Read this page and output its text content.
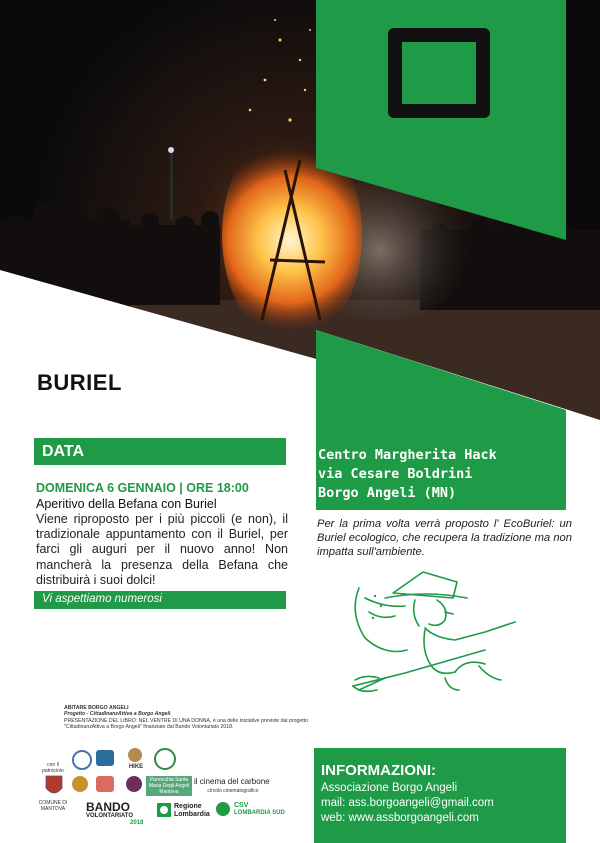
BURIEL
DATA
DOMENICA 6 GENNAIO | ORE 18:00
Aperitivo della Befana con Buriel
Viene riproposto per i più piccoli (e non), il tradizionale appuntamento con il Buriel, per farci gli auguri per il nuovo anno! Non mancherà la presenza della Befana che distribuirà i suoi dolci!
Vi aspettiamo numerosi
Centro Margherita Hack
via Cesare Boldrini
Borgo Angeli (MN)
Per la prima volta verrà proposto l' EcoBuriel: un Buriel ecologico, che recupera la tradizione ma non impatta sull'ambiente.
ABITARE BORGO ANGELI
Progetto - CittadinanzAttiva a Borgo Angeli
PRESENTAZIONE DEL LIBRO: NEL VENTRE DI UNA DONNA, è una delle iniziative previste dal progetto "CittadinanzAttiva a Borgo Angeli" finanziato dal Bando Volontariato 2018.
con il patrocinio
COMUNE DI MANTOVA
HIKE
Parrocchia Santa Maria Degli Angeli Mantova
il cinema del carbone
circolo cinematografico
BANDO
VOLONTARIATO
2018
Regione
Lombardia
CSV
LOMBARDIA SUD
INFORMAZIONI:
Associazione Borgo Angeli
mail: ass.borgoangeli@gmail.com
web: www.assborgoangeli.com
